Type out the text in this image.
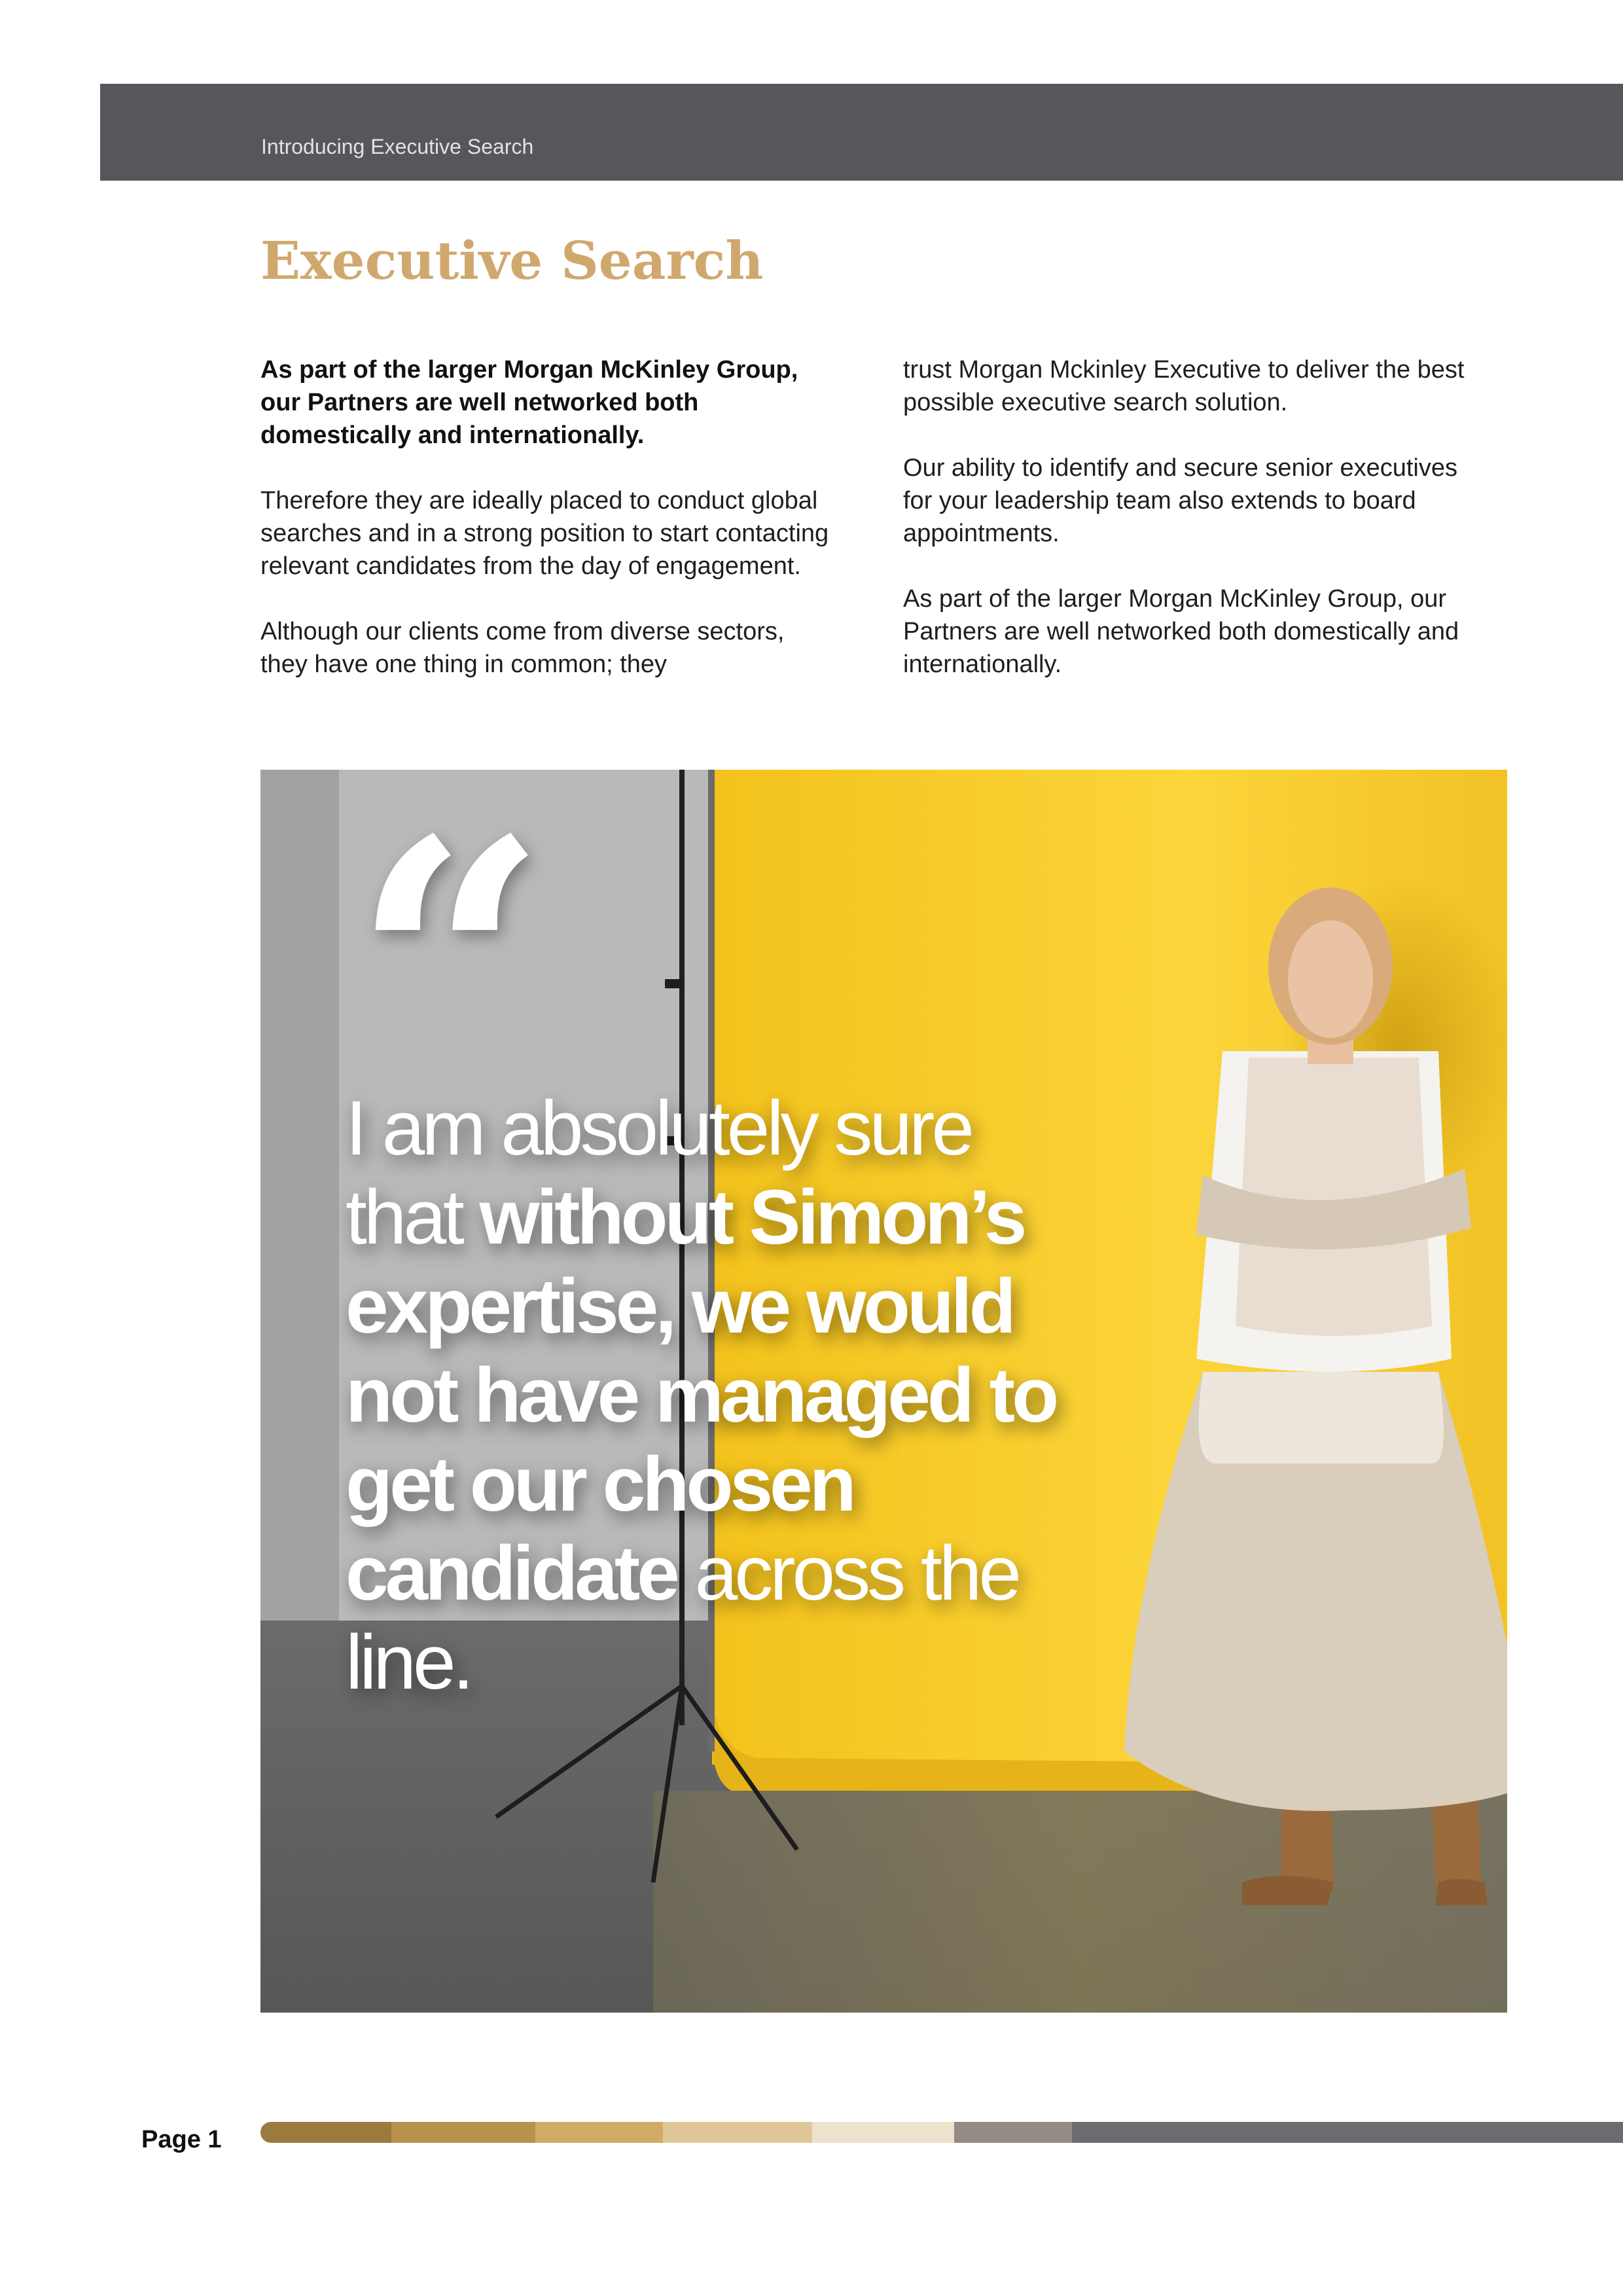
Introducing Executive Search
Executive Search

As part of the larger Morgan McKinley Group, our Partners are well networked both domestically and internationally.

Therefore they are ideally placed to conduct global searches and in a strong position to start contacting relevant candidates from the day of engagement.

Although our clients come from diverse sectors, they have one thing in common; they

trust Morgan Mckinley Executive to deliver the best possible executive search solution.

Our ability to identify and secure senior executives for your leadership team also extends to board appointments.

As part of the larger Morgan McKinley Group, our Partners are well networked both domestically and internationally.

“
I am absolutely sure that without Simon’s expertise, we would not have managed to get our chosen candidate across the line.
Page 1
